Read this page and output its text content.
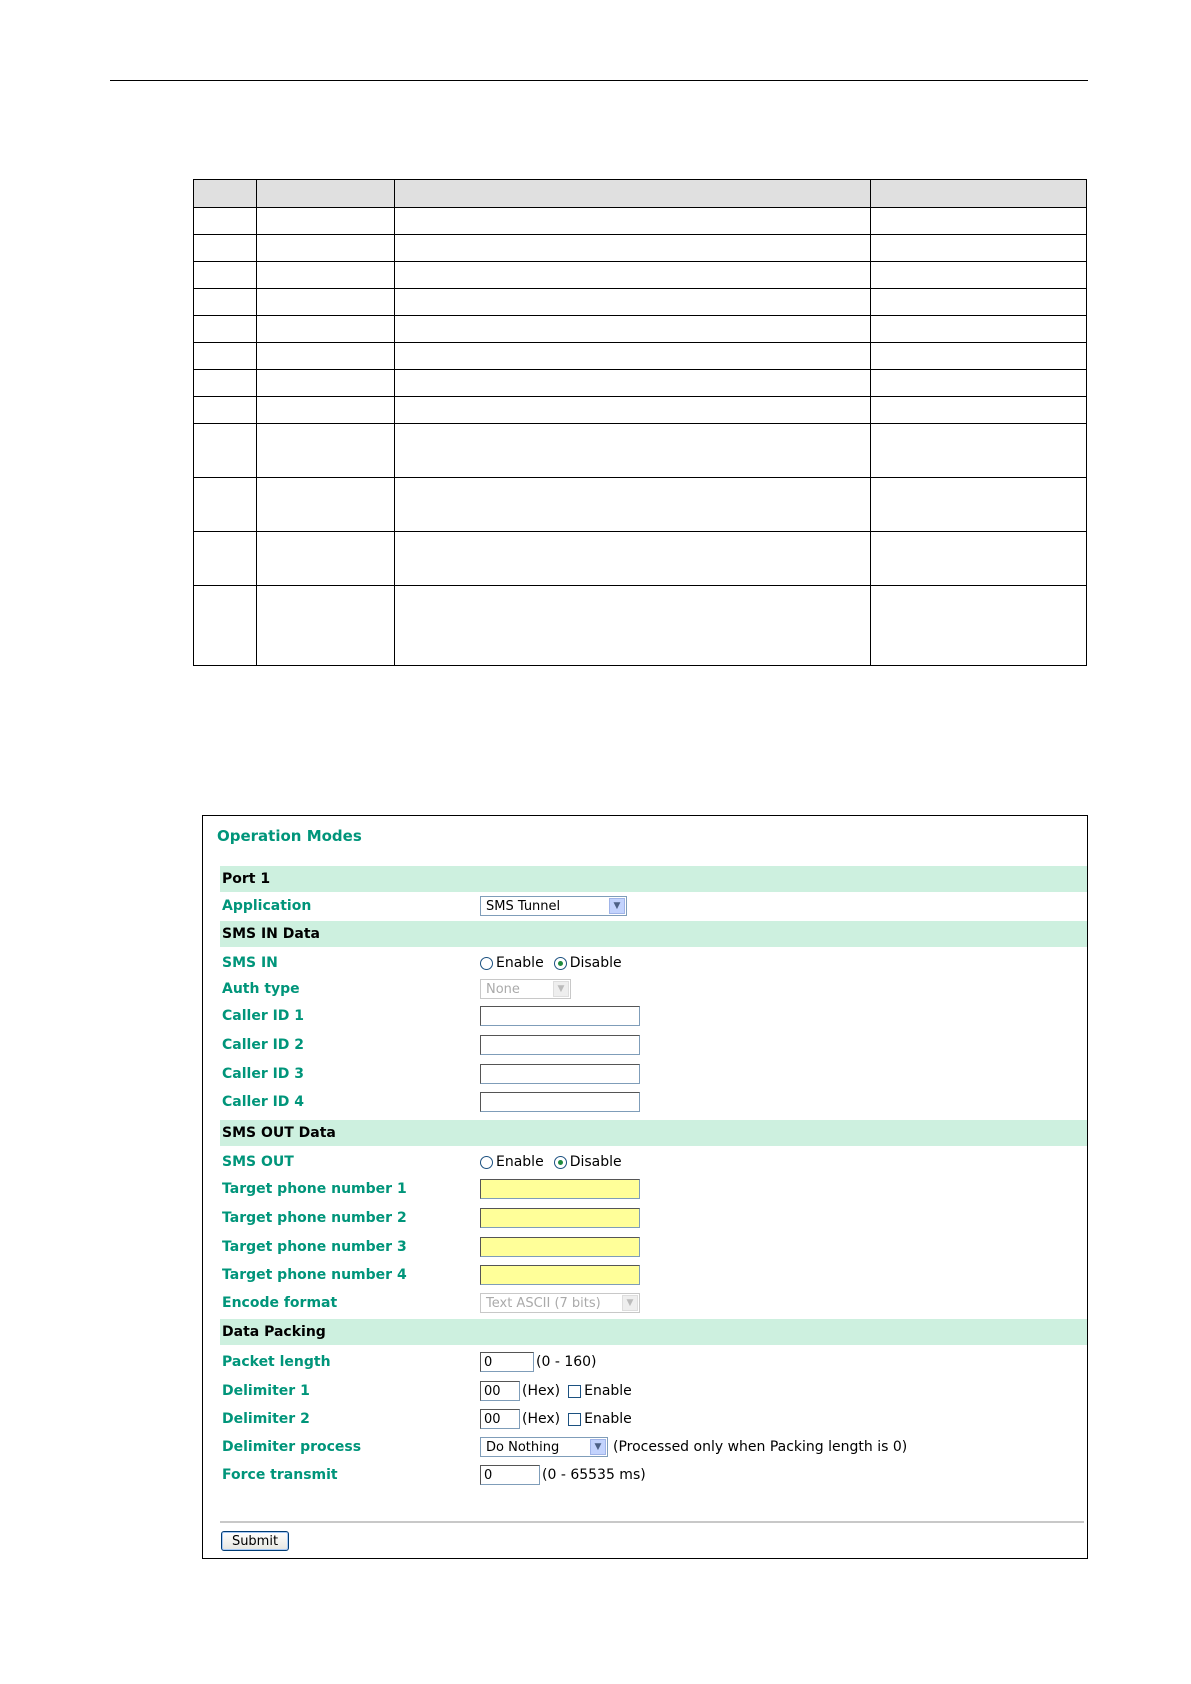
Operation Modes
Port 1
Application	SMS Tunnel	▼
SMS IN Data
SMS IN	Enable Disable
Auth type	None	▼
Caller ID 1
Caller ID 2
Caller ID 3
Caller ID 4
SMS OUT Data
SMS OUT	Enable Disable
Target phone number 1
Target phone number 2
Target phone number 3
Target phone number 4
Encode format	Text ASCII (7 bits)	▼
Data Packing
Packet length	0	(0 - 160)
Delimiter 1	00	(Hex) Enable
Delimiter 2	00	(Hex) Enable
Delimiter process	Do Nothing	▼ (Processed only when Packing length is 0)
Force transmit	0	(0 - 65535 ms)
Submit
